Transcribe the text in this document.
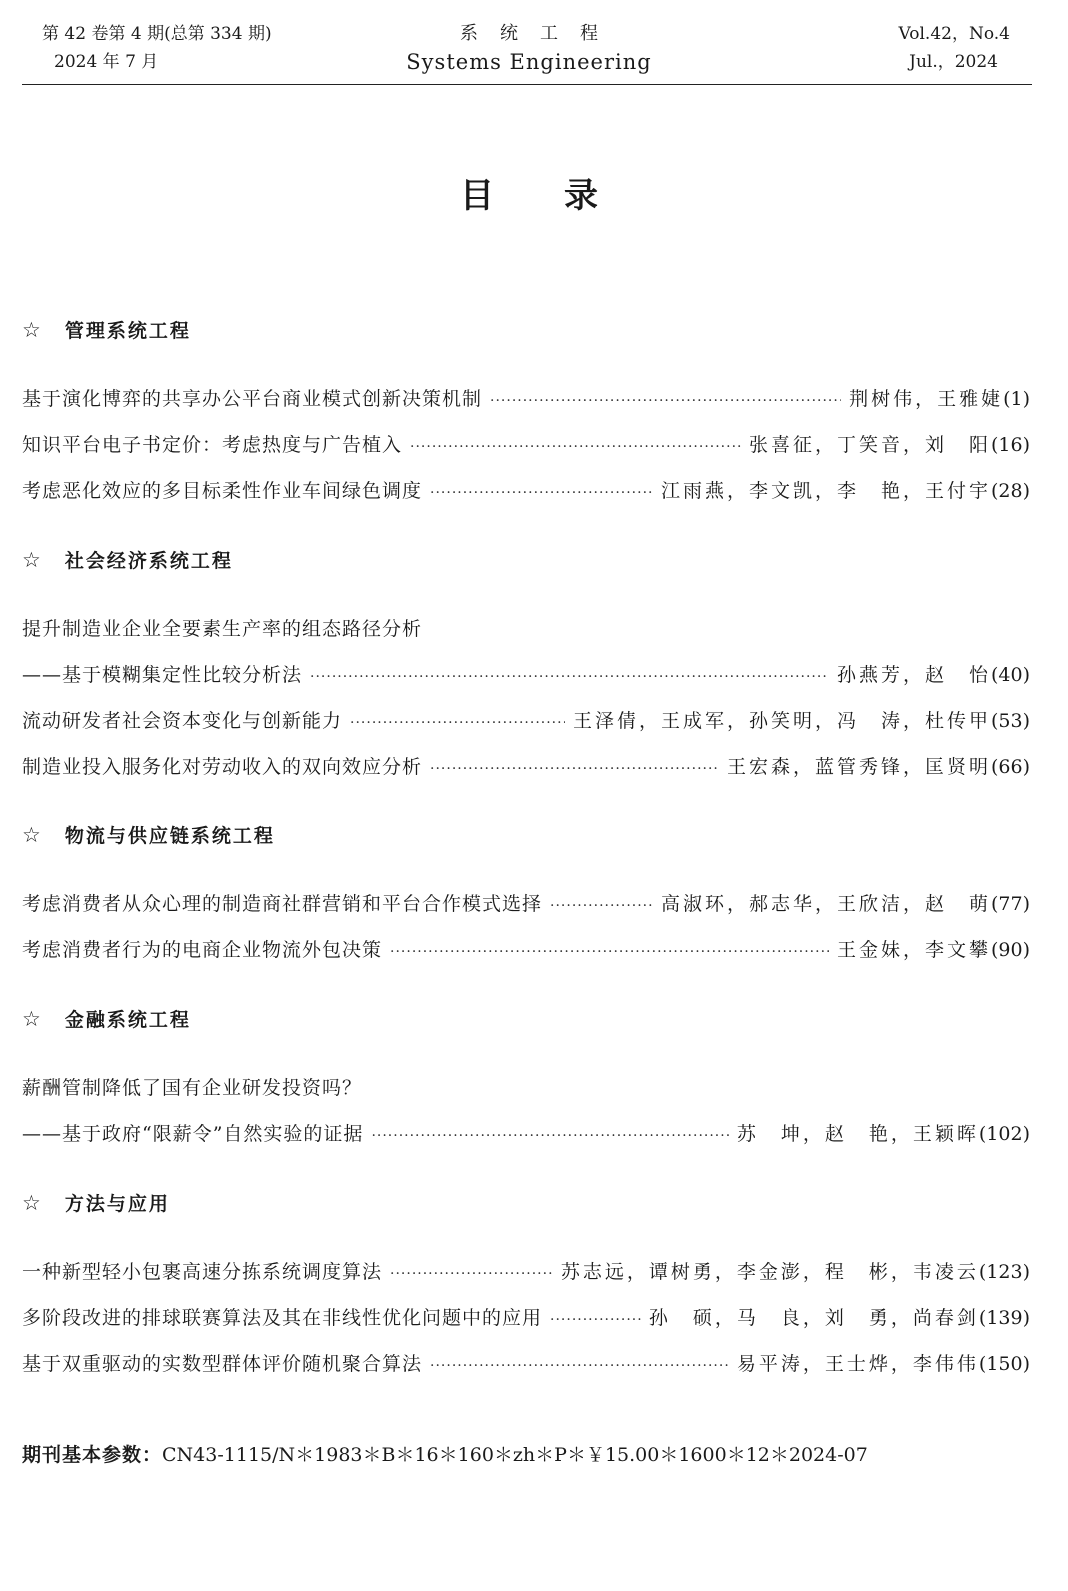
第 42 卷第 4 期(总第 334 期)
2024 年 7 月
系统工程
Systems Engineering
Vol.42，No.4
Jul.，2024
目 录
☆ 管理系统工程
基于演化博弈的共享办公平台商业模式创新决策机制 ·····	荆树伟，王雅婕 (1)
知识平台电子书定价：考虑热度与广告植入 ·····	张喜征，丁笑音，刘　阳 (16)
考虑恶化效应的多目标柔性作业车间绿色调度 ·····	江雨燕，李文凯，李　艳，王付宇 (28)
☆ 社会经济系统工程
提升制造业企业全要素生产率的组态路径分析
——基于模糊集定性比较分析法 ·····	孙燕芳，赵　怡 (40)
流动研发者社会资本变化与创新能力 ·····	王泽倩，王成军，孙笑明，冯　涛，杜传甲 (53)
制造业投入服务化对劳动收入的双向效应分析 ·····	王宏森，蓝管秀锋，匡贤明 (66)
☆ 物流与供应链系统工程
考虑消费者从众心理的制造商社群营销和平台合作模式选择 ·····	高淑环，郝志华，王欣洁，赵　萌 (77)
考虑消费者行为的电商企业物流外包决策 ·····	王金妹，李文攀 (90)
☆ 金融系统工程
薪酬管制降低了国有企业研发投资吗？
——基于政府“限薪令”自然实验的证据 ·····	苏　坤，赵　艳，王颖晖 (102)
☆ 方法与应用
一种新型轻小包裹高速分拣系统调度算法 ·····	苏志远，谭树勇，李金澎，程　彬，韦凌云 (123)
多阶段改进的排球联赛算法及其在非线性优化问题中的应用 ·····	孙　硕，马　良，刘　勇，尚春剑 (139)
基于双重驱动的实数型群体评价随机聚合算法 ·····	易平涛，王士烨，李伟伟 (150)
期刊基本参数：CN43-1115/N＊1983＊B＊16＊160＊zh＊P＊￥15.00＊1600＊12＊2024-07
